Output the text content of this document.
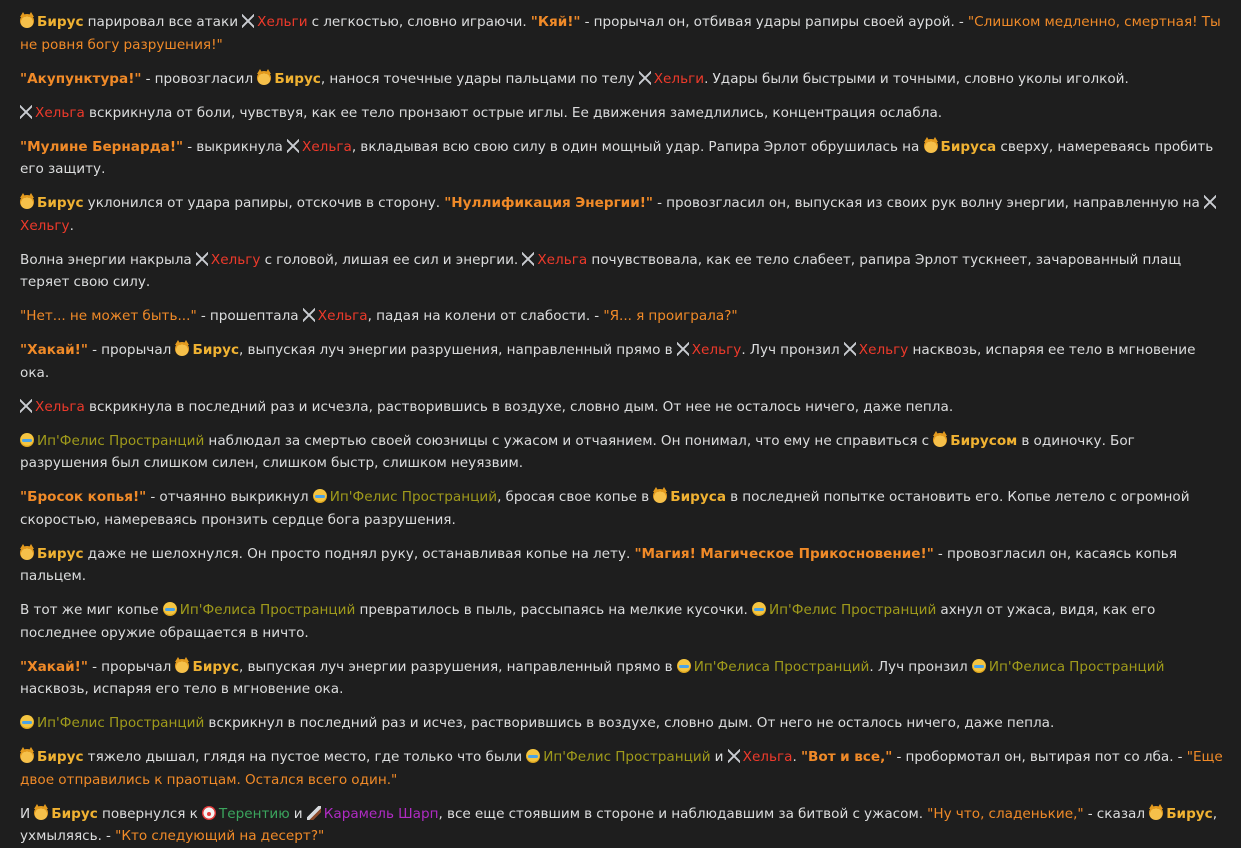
Бирус парировал все атаки Хельги с легкостью, словно играючи. "Кяй!" - прорычал он, отбивая удары рапиры своей аурой. - "Слишком медленно, смертная! Ты не ровня богу разрушения!"
"Акупунктура!" - провозгласил Бирус, нанося точечные удары пальцами по телу Хельги. Удары были быстрыми и точными, словно уколы иголкой.
Хельга вскрикнула от боли, чувствуя, как ее тело пронзают острые иглы. Ее движения замедлились, концентрация ослабла.
"Мулине Бернарда!" - выкрикнула Хельга, вкладывая всю свою силу в один мощный удар. Рапира Эрлот обрушилась на Бируса сверху, намереваясь пробить его защиту.
Бирус уклонился от удара рапиры, отскочив в сторону. "Нуллификация Энергии!" - провозгласил он, выпуская из своих рук волну энергии, направленную на Хельгу.
Волна энергии накрыла Хельгу с головой, лишая ее сил и энергии. Хельга почувствовала, как ее тело слабеет, рапира Эрлот тускнеет, зачарованный плащ теряет свою силу.
"Нет... не может быть..." - прошептала Хельга, падая на колени от слабости. - "Я... я проиграла?"
"Хакай!" - прорычал Бирус, выпуская луч энергии разрушения, направленный прямо в Хельгу. Луч пронзил Хельгу насквозь, испаряя ее тело в мгновение ока.
Хельга вскрикнула в последний раз и исчезла, растворившись в воздухе, словно дым. От нее не осталось ничего, даже пепла.
Ип'Фелис Пространций наблюдал за смертью своей союзницы с ужасом и отчаянием. Он понимал, что ему не справиться с Бирусом в одиночку. Бог разрушения был слишком силен, слишком быстр, слишком неуязвим.
"Бросок копья!" - отчаянно выкрикнул Ип'Фелис Пространций, бросая свое копье в Бируса в последней попытке остановить его. Копье летело с огромной скоростью, намереваясь пронзить сердце бога разрушения.
Бирус даже не шелохнулся. Он просто поднял руку, останавливая копье на лету. "Магия! Магическое Прикосновение!" - провозгласил он, касаясь копья пальцем.
В тот же миг копье Ип'Фелиса Пространций превратилось в пыль, рассыпаясь на мелкие кусочки. Ип'Фелис Пространций ахнул от ужаса, видя, как его последнее оружие обращается в ничто.
"Хакай!" - прорычал Бирус, выпуская луч энергии разрушения, направленный прямо в Ип'Фелиса Пространций. Луч пронзил Ип'Фелиса Пространций насквозь, испаряя его тело в мгновение ока.
Ип'Фелис Пространций вскрикнул в последний раз и исчез, растворившись в воздухе, словно дым. От него не осталось ничего, даже пепла.
Бирус тяжело дышал, глядя на пустое место, где только что были Ип'Фелис Пространций и Хельга. "Вот и все," - пробормотал он, вытирая пот со лба. - "Еще двое отправились к праотцам. Остался всего один."
И Бирус повернулся к Терентию и Карамель Шарп, все еще стоявшим в стороне и наблюдавшим за битвой с ужасом. "Ну что, сладенькие," - сказал Бирус, ухмыляясь. - "Кто следующий на десерт?"
